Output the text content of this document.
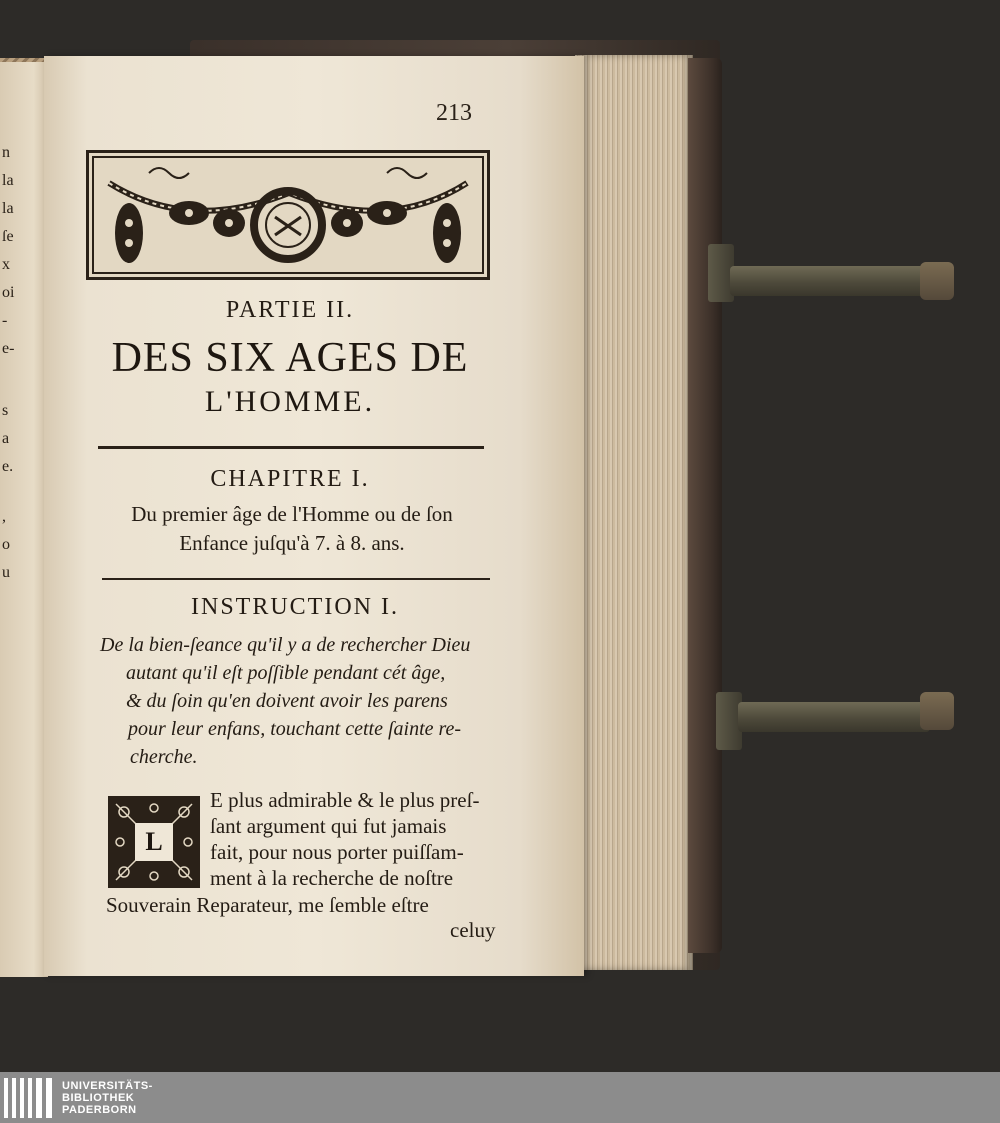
n
la
la
ſe
x
oi
-
e-
s
a
e.
,
o
u
213
PARTIE II.
DES SIX AGES DE
L'HOMME.
CHAPITRE I.
Du premier âge de l'Homme ou de ſon
Enfance juſqu'à 7. à 8. ans.
INSTRUCTION I.
De la bien-ſeance qu'il y a de rechercher Dieu
autant qu'il eſt poſſible pendant cét âge,
& du ſoin qu'en doivent avoir les parens
pour leur enfans, touchant cette ſainte re-
cherche.
L
E plus admirable & le plus preſ-
ſant argument qui fut jamais
fait, pour nous porter puiſſam-
ment à la recherche de noſtre
Souverain Reparateur, me ſemble eſtre
celuy
UNIVERSITÄTS-
BIBLIOTHEK
PADERBORN
